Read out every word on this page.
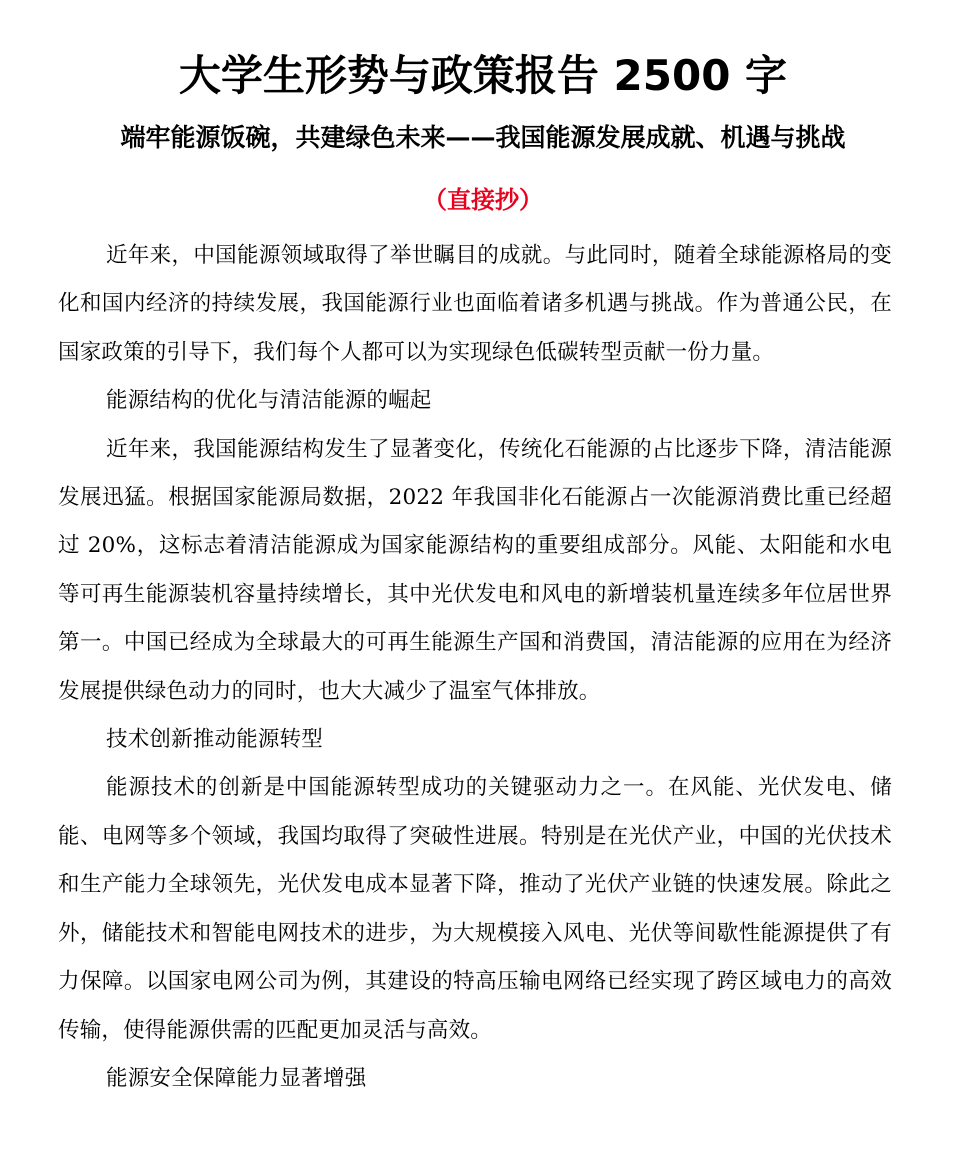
大学生形势与政策报告 2500 字
端牢能源饭碗，共建绿色未来——我国能源发展成就、机遇与挑战
（直接抄）

近年来，中国能源领域取得了举世瞩目的成就。与此同时，随着全球能源格局的变化和国内经济的持续发展，我国能源行业也面临着诸多机遇与挑战。作为普通公民，在国家政策的引导下，我们每个人都可以为实现绿色低碳转型贡献一份力量。

能源结构的优化与清洁能源的崛起

近年来，我国能源结构发生了显著变化，传统化石能源的占比逐步下降，清洁能源发展迅猛。根据国家能源局数据，2022 年我国非化石能源占一次能源消费比重已经超过 20%，这标志着清洁能源成为国家能源结构的重要组成部分。风能、太阳能和水电等可再生能源装机容量持续增长，其中光伏发电和风电的新增装机量连续多年位居世界第一。中国已经成为全球最大的可再生能源生产国和消费国，清洁能源的应用在为经济发展提供绿色动力的同时，也大大减少了温室气体排放。

技术创新推动能源转型

能源技术的创新是中国能源转型成功的关键驱动力之一。在风能、光伏发电、储能、电网等多个领域，我国均取得了突破性进展。特别是在光伏产业，中国的光伏技术和生产能力全球领先，光伏发电成本显著下降，推动了光伏产业链的快速发展。除此之外，储能技术和智能电网技术的进步，为大规模接入风电、光伏等间歇性能源提供了有力保障。以国家电网公司为例，其建设的特高压输电网络已经实现了跨区域电力的高效传输，使得能源供需的匹配更加灵活与高效。

能源安全保障能力显著增强
